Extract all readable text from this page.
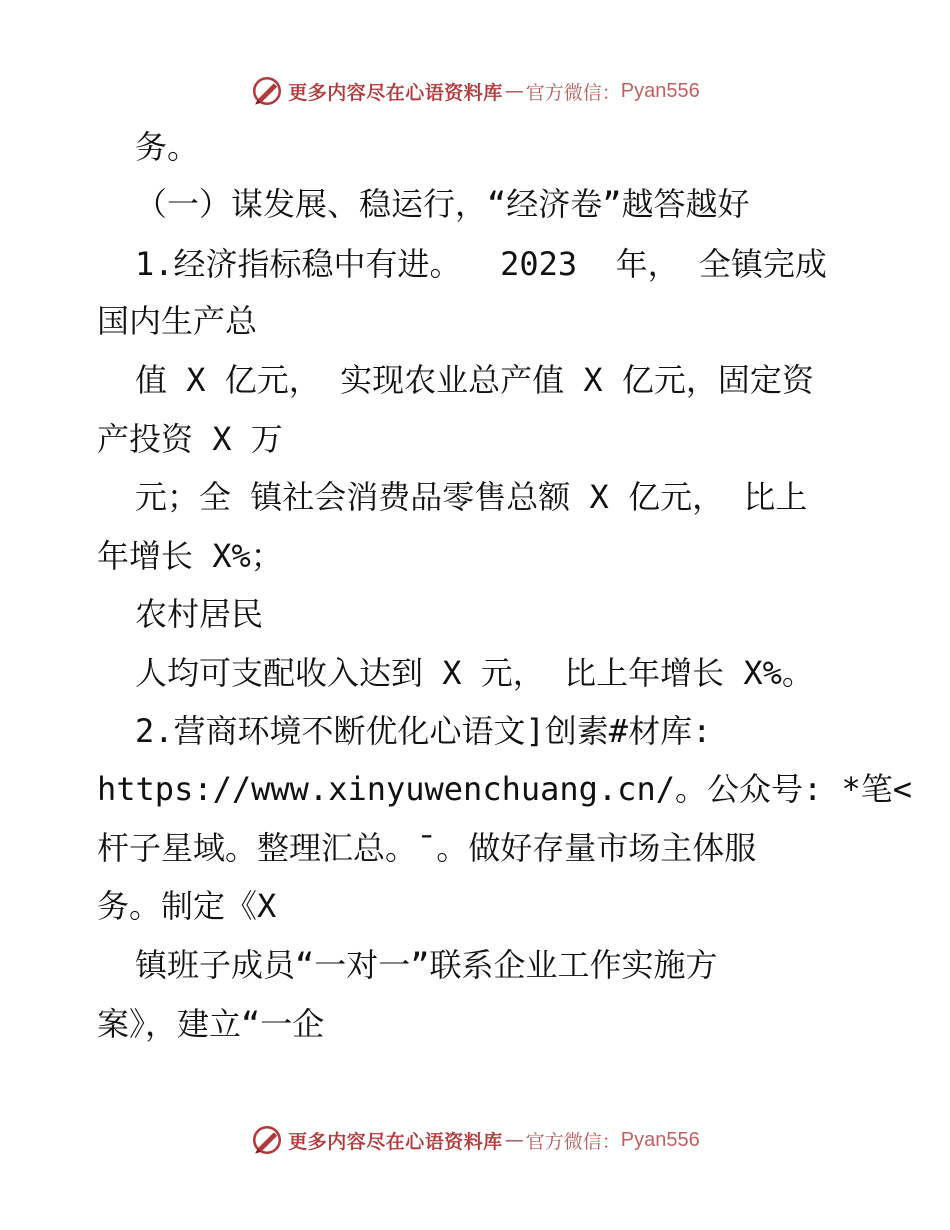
更多内容尽在心语资料库 — 官方微信： Pyan556
务。
（一）谋发展、稳运行，“经济卷”越答越好
1.经济指标稳中有进。  2023  年， 全镇完成
国内生产总
值 X 亿元， 实现农业总产值 X 亿元，固定资
产投资 X 万
元；全 镇社会消费品零售总额 X 亿元， 比上
年增长 X%；
农村居民
人均可支配收入达到 X 元， 比上年增长 X%。
2.营商环境不断优化心语文]创素#材库:
https://www.xinyuwenchuang.cn/。公众号: *笔<
杆子星域。整理汇总。¯。做好存量市场主体服
务。制定《X
镇班子成员“一对一”联系企业工作实施方
案》，建立“一企
更多内容尽在心语资料库 — 官方微信： Pyan556
